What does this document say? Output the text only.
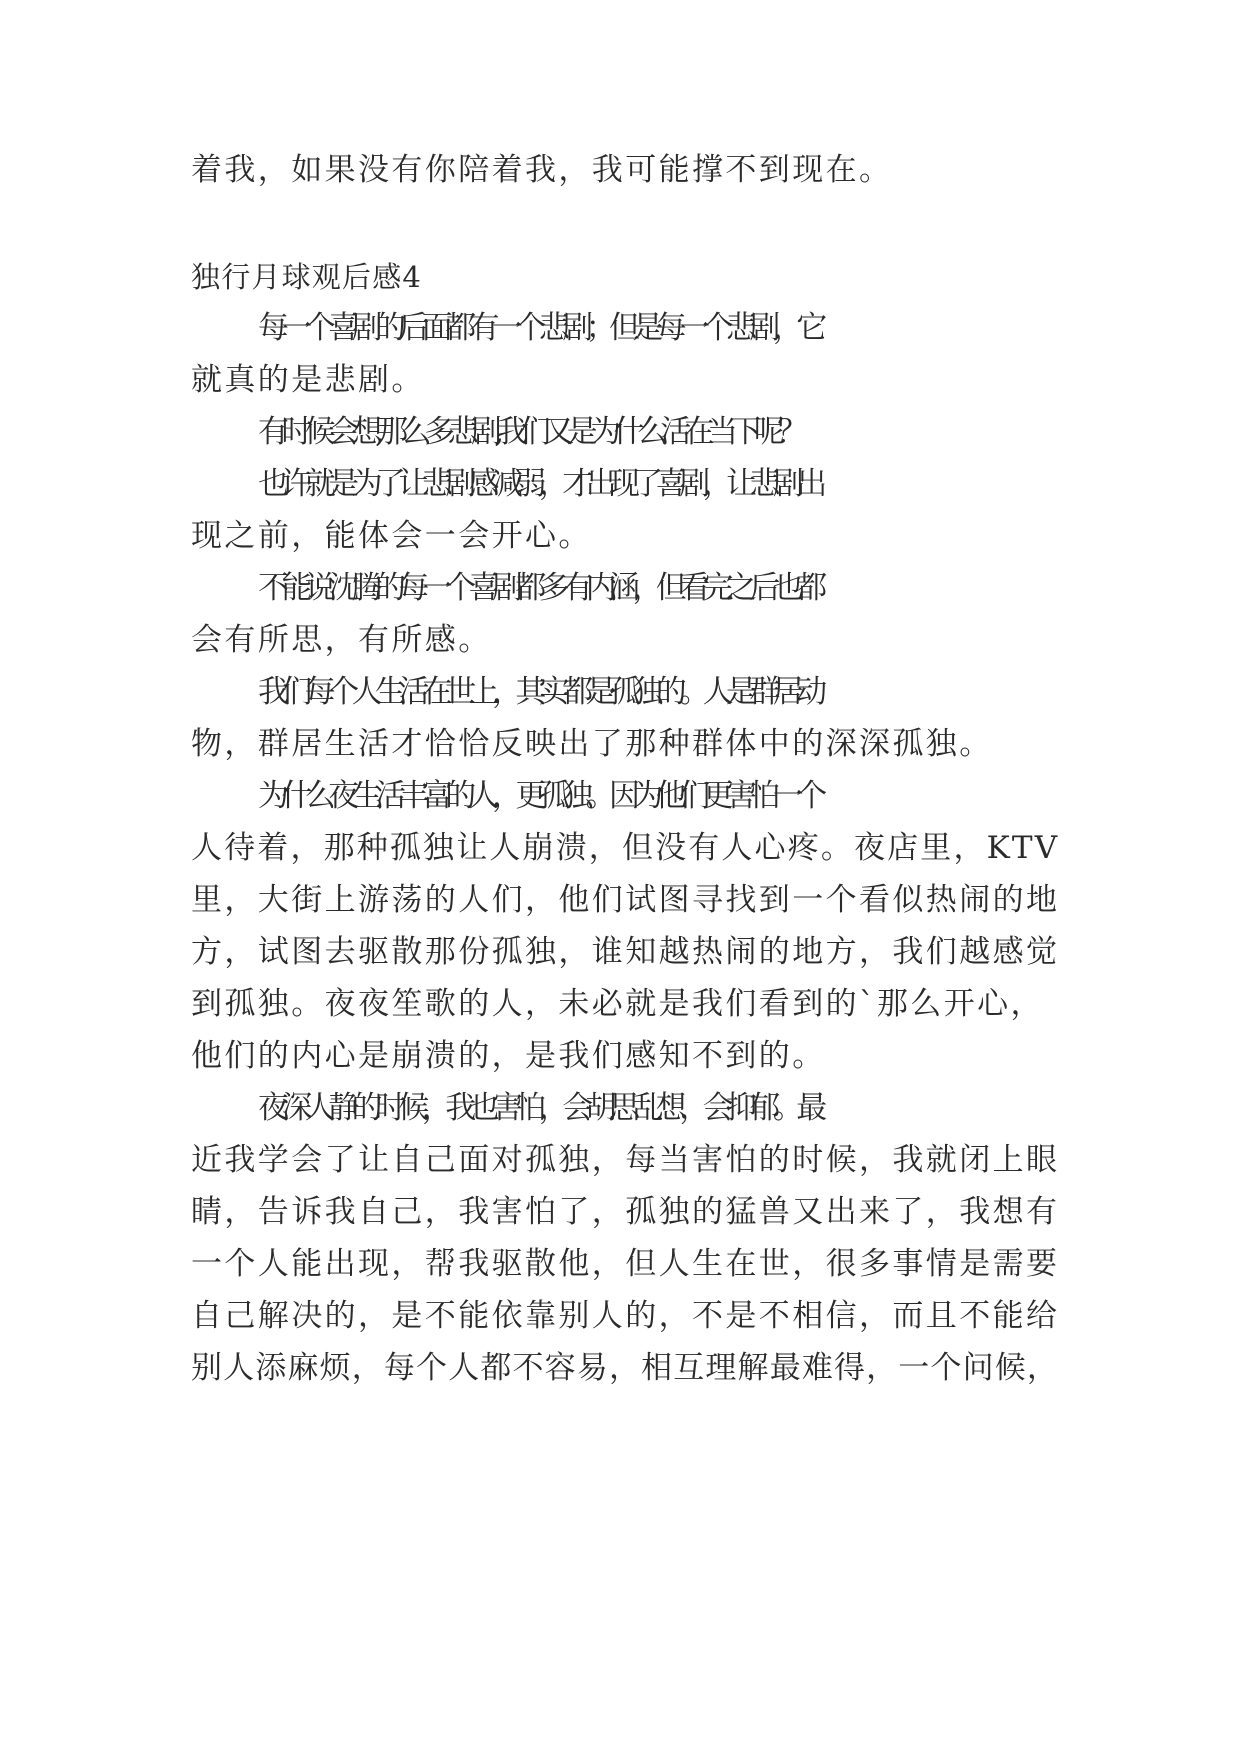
着我，如果没有你陪着我，我可能撑不到现在。

独行月球观后感4

每一个喜剧的后面都有一个悲剧；但是每一个悲剧，它

就真的是悲剧。

有时候会想,那么多悲剧,我们又是为什么活在当下呢？

也许就是为了让悲剧感减弱，才出现了喜剧，让悲剧出

现之前，能体会一会开心。

不能说沈腾的每一个喜剧都多有内涵，但看完之后也都

会有所思，有所感。

我们每个人生活在世上，其实都是孤独的。人是群居动

物，群居生活才恰恰反映出了那种群体中的深深孤独。

为什么夜生活丰富的人，更孤独。因为他们更害怕一个

人待着，那种孤独让人崩溃，但没有人心疼。夜店里，KTV

里，大街上游荡的人们，他们试图寻找到一个看似热闹的地

方，试图去驱散那份孤独，谁知越热闹的地方，我们越感觉

到孤独。夜夜笙歌的人，未必就是我们看到的`那么开心，

他们的内心是崩溃的，是我们感知不到的。

夜深人静的时候，我也害怕，会胡思乱想，会抑郁。最

近我学会了让自己面对孤独，每当害怕的时候，我就闭上眼

睛，告诉我自己，我害怕了，孤独的猛兽又出来了，我想有

一个人能出现，帮我驱散他，但人生在世，很多事情是需要

自己解决的，是不能依靠别人的，不是不相信，而且不能给

别人添麻烦，每个人都不容易，相互理解最难得，一个问候，
